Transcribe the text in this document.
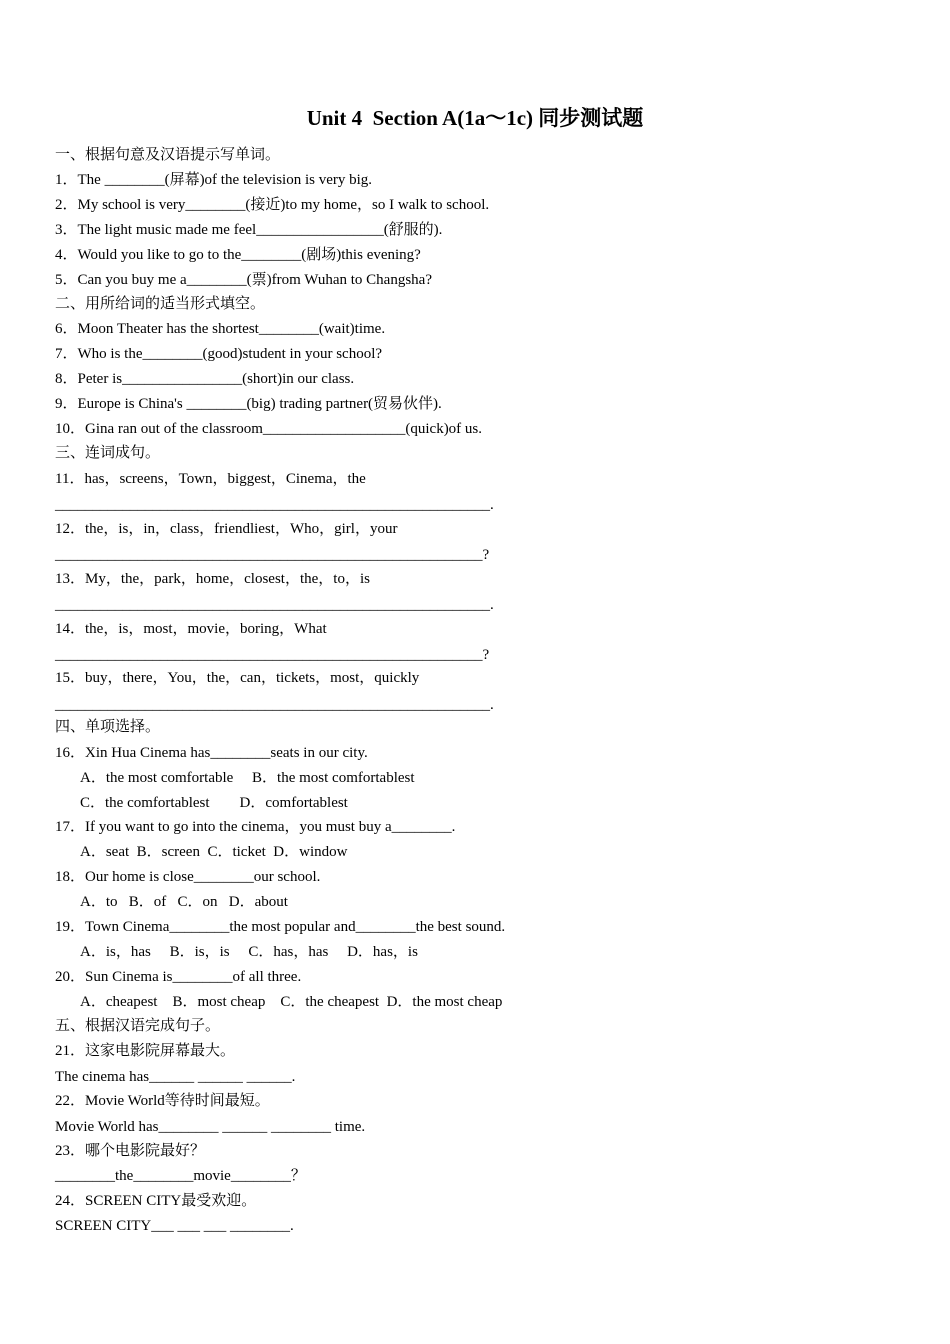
Unit 4  Section A(1a～1c) 同步测试题
一、根据句意及汉语提示写单词。
1．The ________(屏幕)of the television is very big.
2．My school is very________(接近)to my home，so I walk to school.
3．The light music made me feel_________________(舒服的).
4．Would you like to go to the________(剧场)this evening?
5．Can you buy me a________(票)from Wuhan to Changsha?
二、用所给词的适当形式填空。
6．Moon Theater has the shortest________(wait)time.
7．Who is the________(good)student in your school?
8．Peter is________________(short)in our class.
9．Europe is China's ________(big) trading partner(贸易伙伴).
10．Gina ran out of the classroom___________________(quick)of us.
三、连词成句。
11．has，screens，Town，biggest，Cinema，the
__________________________________________________________.
12．the，is，in，class，friendliest，Who，girl，your
_________________________________________________________?
13．My，the，park，home，closest，the，to，is
__________________________________________________________.
14．the，is，most，movie，boring，What
_________________________________________________________?
15．buy，there，You，the，can，tickets，most，quickly
__________________________________________________________.
四、单项选择。
16．Xin Hua Cinema has________seats in our city.
A．the most comfortable     B．the most comfortablest
C．the comfortablest        D．comfortablest
17．If you want to go into the cinema，you must buy a________.
A．seat  B．screen  C．ticket  D．window
18．Our home is close________our school.
A．to   B．of   C．on   D．about
19．Town Cinema________the most popular and________the best sound.
A．is，has     B．is，is     C．has，has     D．has，is
20．Sun Cinema is________of all three.
A．cheapest    B．most cheap    C．the cheapest  D．the most cheap
五、根据汉语完成句子。
21．这家电影院屏幕最大。
The cinema has______ ______ ______.
22．Movie World等待时间最短。
Movie World has________ ______ ________ time.
23．哪个电影院最好？
________the________movie________？
24．SCREEN CITY最受欢迎。
SCREEN CITY___ ___ ___ ________.
